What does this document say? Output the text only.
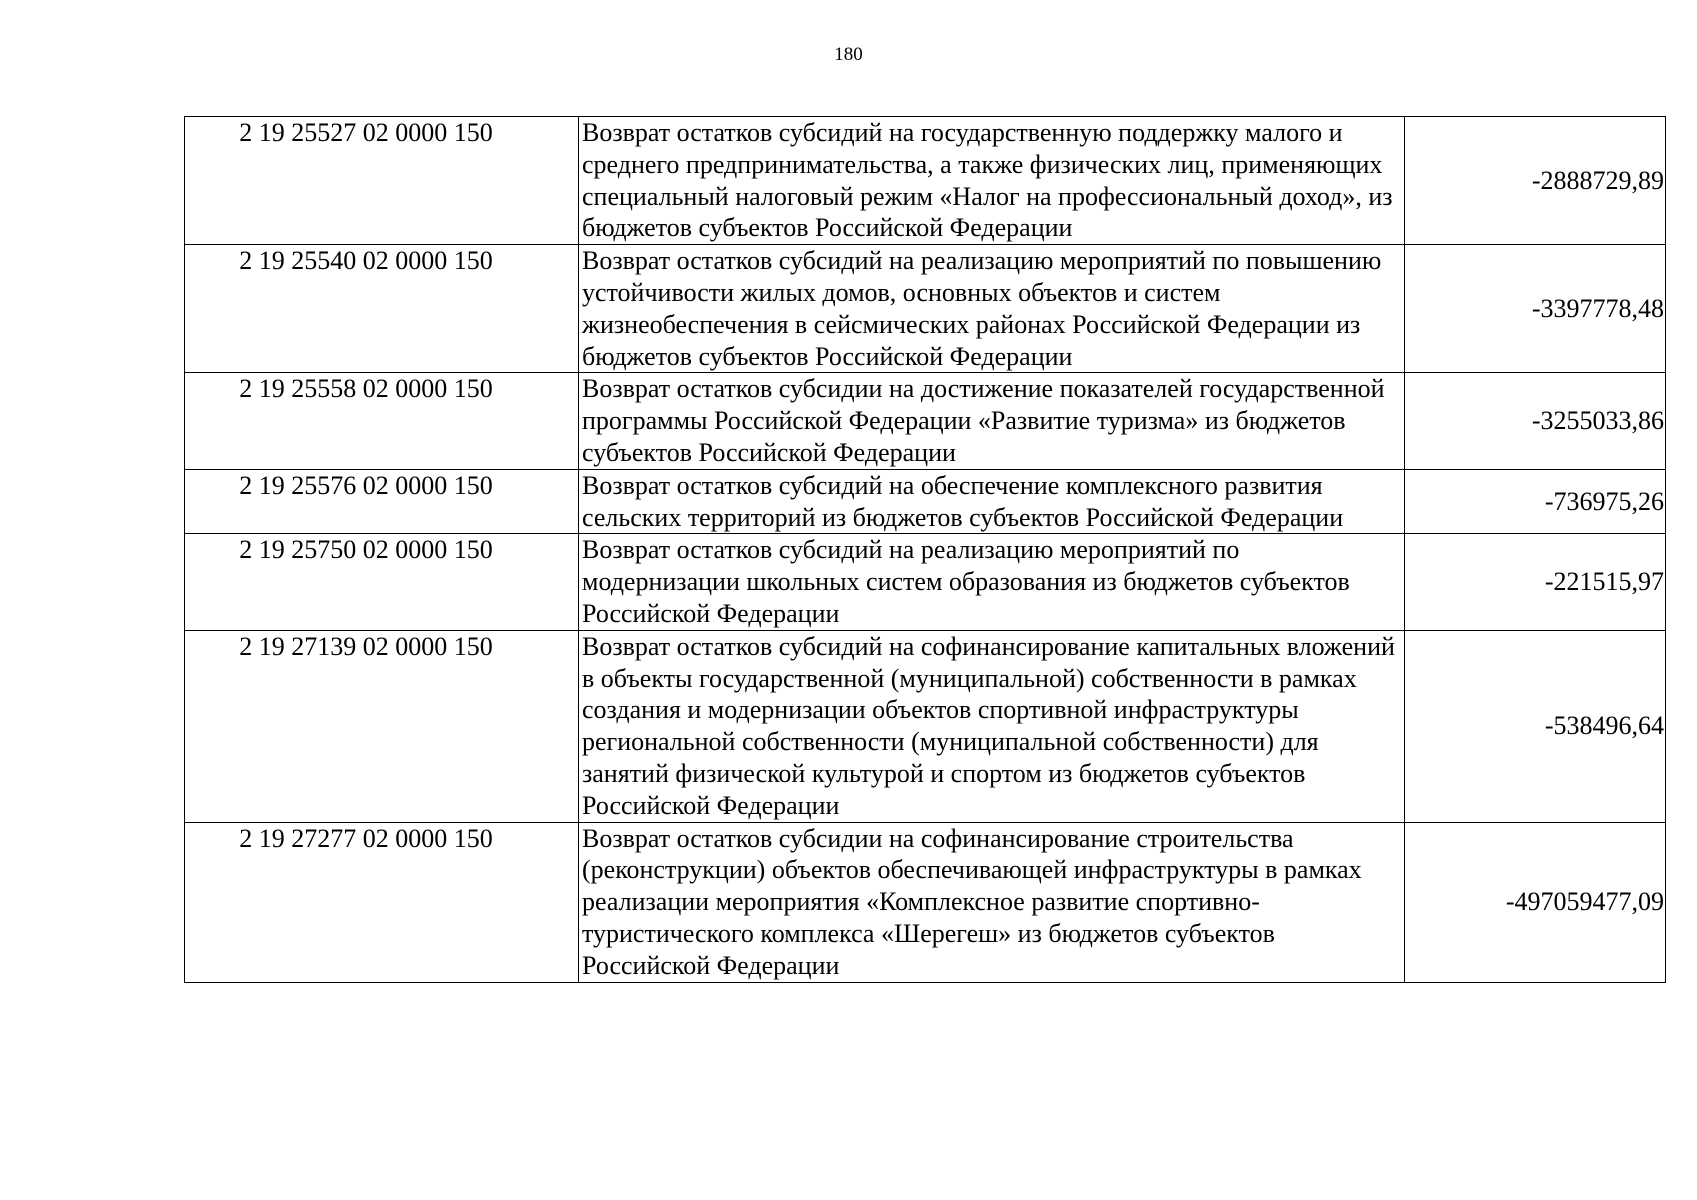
180
2 19 25527 02 0000 150	Возврат остатков субсидий на государственную поддержку малого и среднего предпринимательства, а также физических лиц, применяющих специальный налоговый режим «Налог на профессиональный доход», из бюджетов субъектов Российской Федерации	-2888729,89
2 19 25540 02 0000 150	Возврат остатков субсидий на реализацию мероприятий по повышению устойчивости жилых домов, основных объектов и систем жизнеобеспечения в сейсмических районах Российской Федерации из бюджетов субъектов Российской Федерации	-3397778,48
2 19 25558 02 0000 150	Возврат остатков субсидии на достижение показателей государственной программы Российской Федерации «Развитие туризма» из бюджетов субъектов Российской Федерации	-3255033,86
2 19 25576 02 0000 150	Возврат остатков субсидий на обеспечение комплексного развития сельских территорий из бюджетов субъектов Российской Федерации	-736975,26
2 19 25750 02 0000 150	Возврат остатков субсидий на реализацию мероприятий по модернизации школьных систем образования из бюджетов субъектов Российской Федерации	-221515,97
2 19 27139 02 0000 150	Возврат остатков субсидий на софинансирование капитальных вложений в объекты государственной (муниципальной) собственности в рамках создания и модернизации объектов спортивной инфраструктуры региональной собственности (муниципальной собственности) для занятий физической культурой и спортом из бюджетов субъектов Российской Федерации	-538496,64
2 19 27277 02 0000 150	Возврат остатков субсидии на софинансирование строительства (реконструкции) объектов обеспечивающей инфраструктуры в рамках реализации мероприятия «Комплексное развитие спортивно-туристического комплекса «Шерегеш» из бюджетов субъектов Российской Федерации	-497059477,09
